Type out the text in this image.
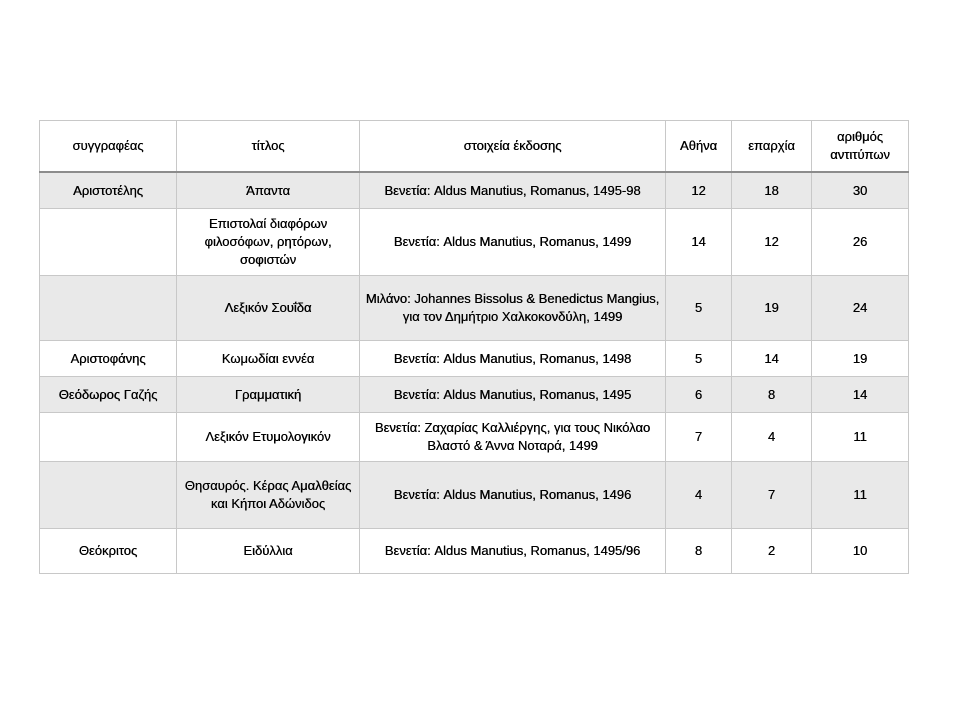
συγγραφέας	τίτλος	στοιχεία έκδοσης	Αθήνα	επαρχία	αριθμός αντιτύπων
Αριστοτέλης	Άπαντα	Βενετία: Aldus Manutius, Romanus, 1495-98	12	18	30
	Επιστολαί διαφόρων φιλοσόφων, ρητόρων, σοφιστών	Βενετία: Aldus Manutius, Romanus, 1499	14	12	26
	Λεξικόν Σουΐδα	Μιλάνο: Johannes Bissolus & Benedictus Mangius, για τον Δημήτριο Χαλκοκονδύλη, 1499	5	19	24
Αριστοφάνης	Κωμωδίαι εννέα	Βενετία: Aldus Manutius, Romanus, 1498	5	14	19
Θεόδωρος Γαζής	Γραμματική	Βενετία: Aldus Manutius, Romanus, 1495	6	8	14
	Λεξικόν Ετυμολογικόν	Βενετία: Ζαχαρίας Καλλιέργης, για τους Νικόλαο Βλαστό & Άννα Νοταρά, 1499	7	4	11
	Θησαυρός. Κέρας Αμαλθείας και Κήποι Αδώνιδος	Βενετία: Aldus Manutius, Romanus, 1496	4	7	11
Θεόκριτος	Ειδύλλια	Βενετία: Aldus Manutius, Romanus, 1495/96	8	2	10
